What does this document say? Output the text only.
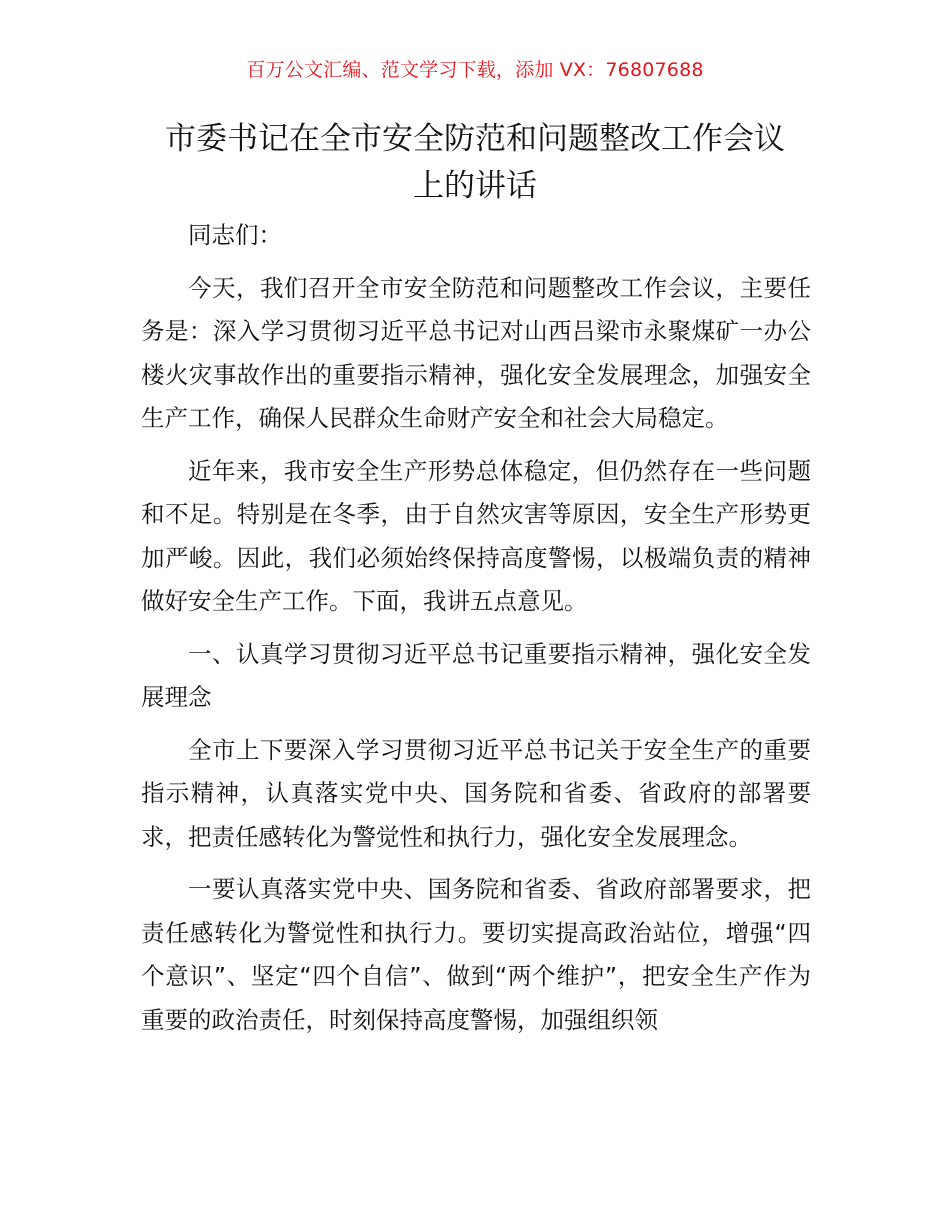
百万公文汇编、范文学习下载，添加 VX：76807688
市委书记在全市安全防范和问题整改工作会议
上的讲话

同志们：

今天，我们召开全市安全防范和问题整改工作会议，主要任务是：深入学习贯彻习近平总书记对山西吕梁市永聚煤矿一办公楼火灾事故作出的重要指示精神，强化安全发展理念，加强安全生产工作，确保人民群众生命财产安全和社会大局稳定。

近年来，我市安全生产形势总体稳定，但仍然存在一些问题和不足。特别是在冬季，由于自然灾害等原因，安全生产形势更加严峻。因此，我们必须始终保持高度警惕，以极端负责的精神做好安全生产工作。下面，我讲五点意见。

一、认真学习贯彻习近平总书记重要指示精神，强化安全发展理念

全市上下要深入学习贯彻习近平总书记关于安全生产的重要指示精神，认真落实党中央、国务院和省委、省政府的部署要求，把责任感转化为警觉性和执行力，强化安全发展理念。

一要认真落实党中央、国务院和省委、省政府部署要求，把责任感转化为警觉性和执行力。要切实提高政治站位，增强“四个意识”、坚定“四个自信”、做到“两个维护”，把安全生产作为重要的政治责任，时刻保持高度警惕，加强组织领
